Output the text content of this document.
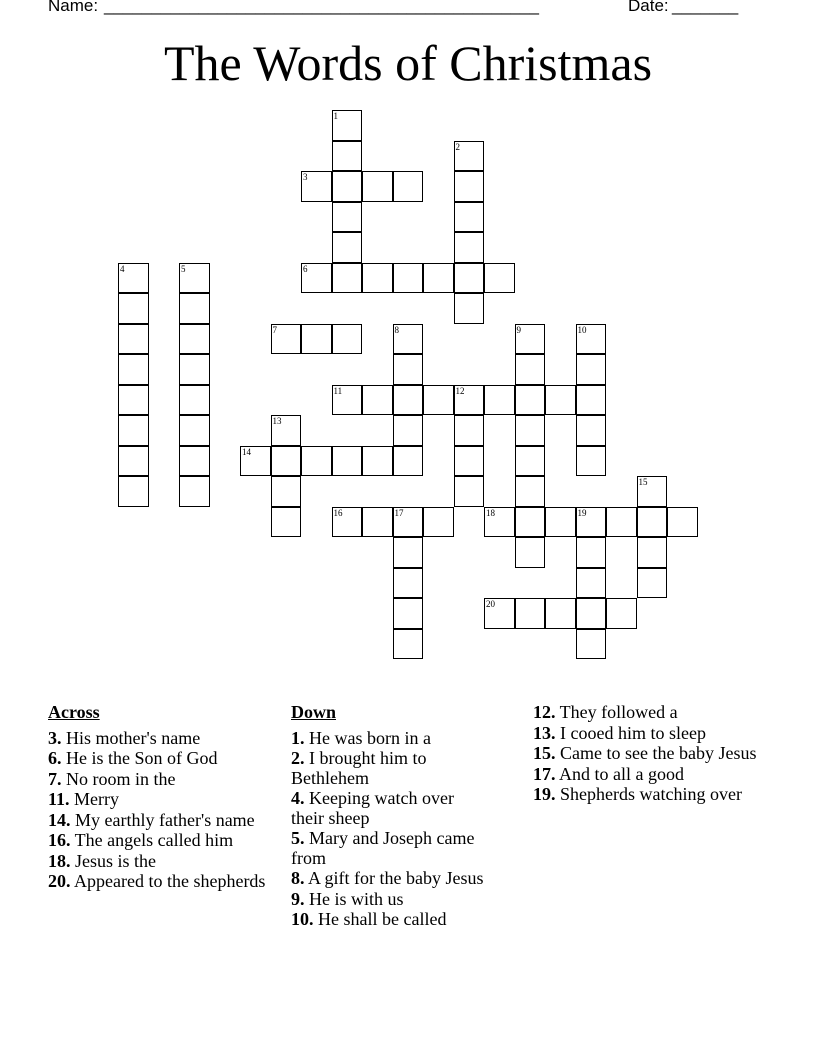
Name: ______________________________________________	Date: _______
The Words of Christmas
3
6
7
11	12
14
16	17	18	19
20
1
2
4	5
8	9	10
13
15
Across
3. His mother's name
6. He is the Son of God
7. No room in the
11. Merry
14. My earthly father's name
16. The angels called him
18. Jesus is the
20. Appeared to the shepherds
Down
1. He was born in a
2. I brought him to Bethlehem
4. Keeping watch over their sheep
5. Mary and Joseph came from
8. A gift for the baby Jesus
9. He is with us
10. He shall be called
12. They followed a
13. I cooed him to sleep
15. Came to see the baby Jesus
17. And to all a good
19. Shepherds watching over
